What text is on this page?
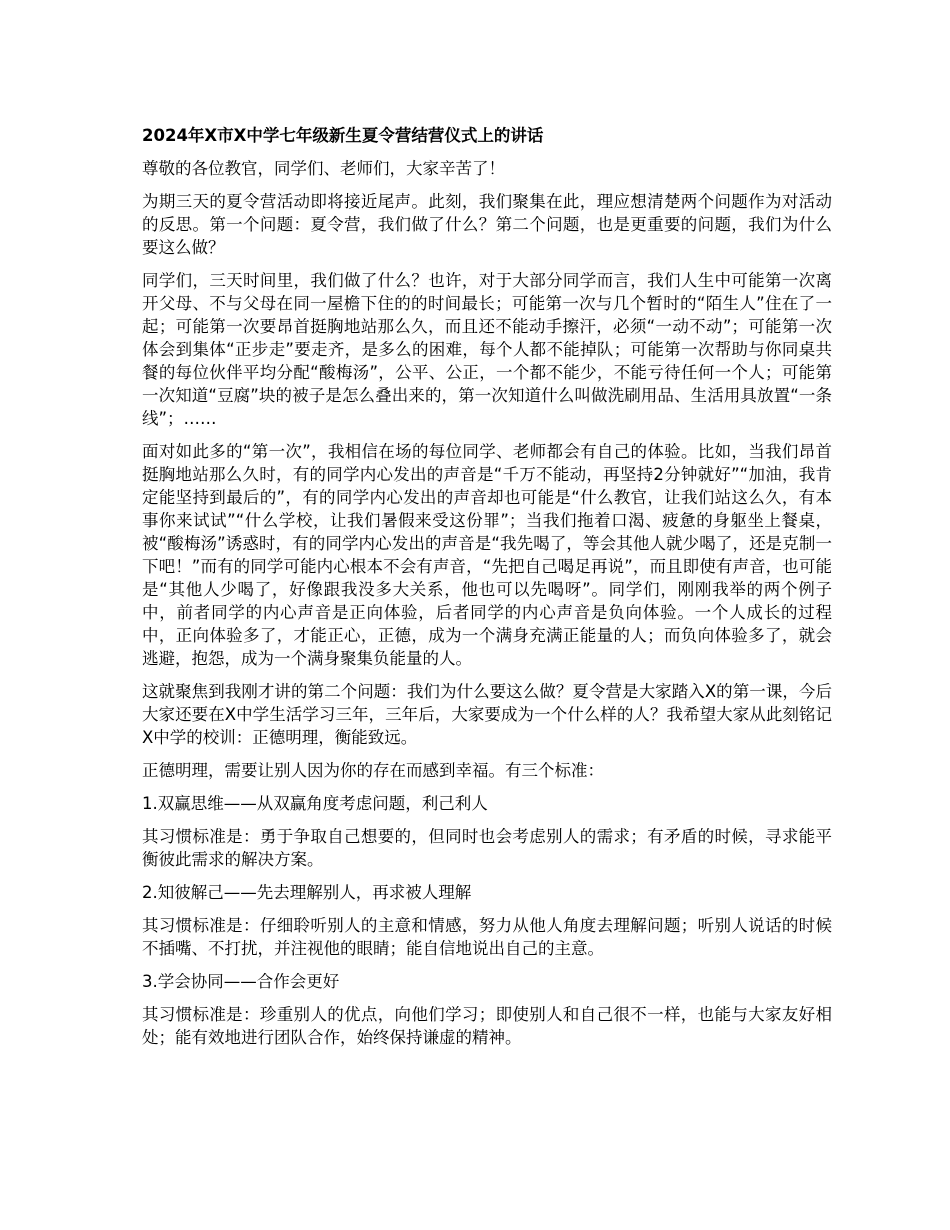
2024年X市X中学七年级新生夏令营结营仪式上的讲话
尊敬的各位教官，同学们、老师们，大家辛苦了！
为期三天的夏令营活动即将接近尾声。此刻，我们聚集在此，理应想清楚两个问题作为对活动的反思。第一个问题：夏令营，我们做了什么？第二个问题，也是更重要的问题，我们为什么要这么做？
同学们，三天时间里，我们做了什么？也许，对于大部分同学而言，我们人生中可能第一次离开父母、不与父母在同一屋檐下住的的时间最长；可能第一次与几个暂时的“陌生人”住在了一起；可能第一次要昂首挺胸地站那么久，而且还不能动手擦汗，必须“一动不动”；可能第一次体会到集体“正步走”要走齐，是多么的困难，每个人都不能掉队；可能第一次帮助与你同桌共餐的每位伙伴平均分配“酸梅汤”，公平、公正，一个都不能少，不能亏待任何一个人；可能第一次知道“豆腐”块的被子是怎么叠出来的，第一次知道什么叫做洗刷用品、生活用具放置“一条线”；……
面对如此多的“第一次”，我相信在场的每位同学、老师都会有自己的体验。比如，当我们昂首挺胸地站那么久时，有的同学内心发出的声音是“千万不能动，再坚持2分钟就好”“加油，我肯定能坚持到最后的”，有的同学内心发出的声音却也可能是“什么教官，让我们站这么久，有本事你来试试”“什么学校，让我们暑假来受这份罪”；当我们拖着口渴、疲惫的身躯坐上餐桌，被“酸梅汤”诱惑时，有的同学内心发出的声音是“我先喝了，等会其他人就少喝了，还是克制一下吧！”而有的同学可能内心根本不会有声音，“先把自己喝足再说”，而且即使有声音，也可能是“其他人少喝了，好像跟我没多大关系，他也可以先喝呀”。同学们，刚刚我举的两个例子中，前者同学的内心声音是正向体验，后者同学的内心声音是负向体验。一个人成长的过程中，正向体验多了，才能正心，正德，成为一个满身充满正能量的人；而负向体验多了，就会逃避，抱怨，成为一个满身聚集负能量的人。
这就聚焦到我刚才讲的第二个问题：我们为什么要这么做？夏令营是大家踏入X的第一课，今后大家还要在X中学生活学习三年，三年后，大家要成为一个什么样的人？我希望大家从此刻铭记X中学的校训：正德明理，衡能致远。
正德明理，需要让别人因为你的存在而感到幸福。有三个标准：
1.双赢思维——从双赢角度考虑问题，利己利人
其习惯标准是：勇于争取自己想要的，但同时也会考虑别人的需求；有矛盾的时候，寻求能平衡彼此需求的解决方案。
2.知彼解己——先去理解别人，再求被人理解
其习惯标准是：仔细聆听别人的主意和情感，努力从他人角度去理解问题；听别人说话的时候不插嘴、不打扰，并注视他的眼睛；能自信地说出自己的主意。
3.学会协同——合作会更好
其习惯标准是：珍重别人的优点，向他们学习；即使别人和自己很不一样，也能与大家友好相处；能有效地进行团队合作，始终保持谦虚的精神。
